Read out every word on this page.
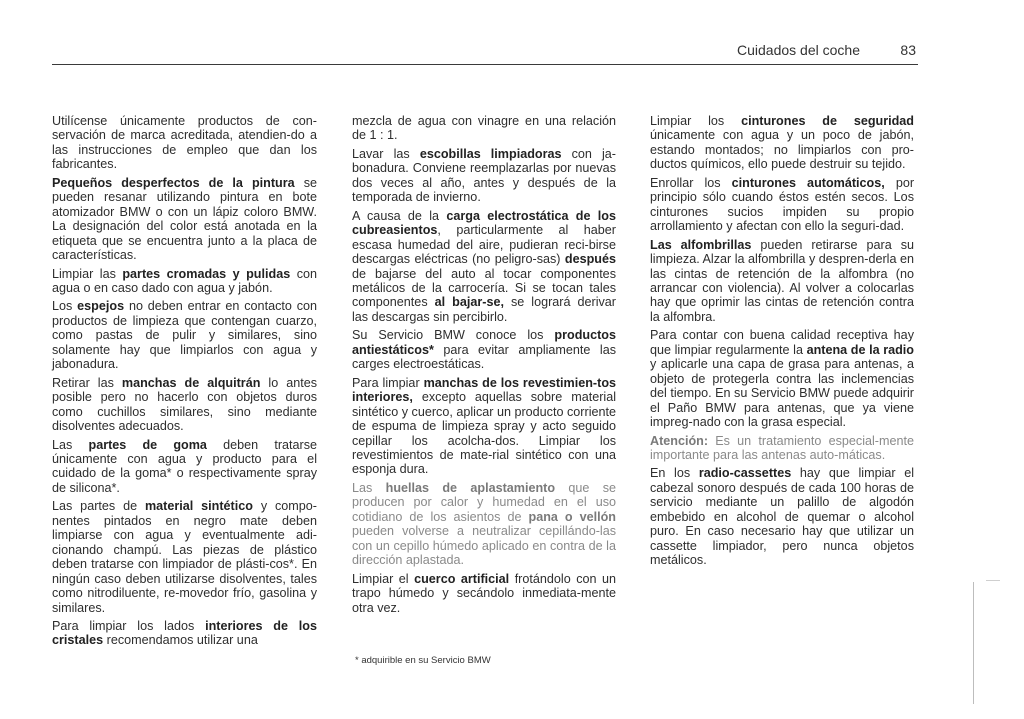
Cuidados del coche	83

Utilícense únicamente productos de con-servación de marca acreditada, atendien-do a las instrucciones de empleo que dan los fabricantes.

Pequeños desperfectos de la pintura se pueden resanar utilizando pintura en bote atomizador BMW o con un lápiz coloro BMW. La designación del color está anotada en la etiqueta que se encuentra junto a la placa de características.

Limpiar las partes cromadas y pulidas con agua o en caso dado con agua y jabón.

Los espejos no deben entrar en contacto con productos de limpieza que contengan cuarzo, como pastas de pulir y similares, sino solamente hay que limpiarlos con agua y jabonadura.

Retirar las manchas de alquitrán lo antes posible pero no hacerlo con objetos duros como cuchillos similares, sino mediante disolventes adecuados.

Las partes de goma deben tratarse únicamente con agua y producto para el cuidado de la goma* o respectivamente spray de silicona*.

Las partes de material sintético y compo-nentes pintados en negro mate deben limpiarse con agua y eventualmente adi-cionando champú. Las piezas de plástico deben tratarse con limpiador de plásti-cos*. En ningún caso deben utilizarse disolventes, tales como nitrodiluente, re-movedor frío, gasolina y similares.

Para limpiar los lados interiores de los cristales recomendamos utilizar una

mezcla de agua con vinagre en una relación de 1 : 1.

Lavar las escobillas limpiadoras con ja-bonadura. Conviene reemplazarlas por nuevas dos veces al año, antes y después de la temporada de invierno.

A causa de la carga electrostática de los cubreasientos, particularmente al haber escasa humedad del aire, pudieran reci-birse descargas eléctricas (no peligro-sas) después de bajarse del auto al tocar componentes metálicos de la carrocería. Si se tocan tales componentes al bajar-se, se logrará derivar las descargas sin percibirlo.

Su Servicio BMW conoce los productos antiestáticos* para evitar ampliamente las carges electroestáticas.

Para limpiar manchas de los revestimien-tos interiores, excepto aquellas sobre material sintético y cuerco, aplicar un producto corriente de espuma de limpieza spray y acto seguido cepillar los acolcha-dos. Limpiar los revestimientos de mate-rial sintético con una esponja dura.

Las huellas de aplastamiento que se producen por calor y humedad en el uso cotidiano de los asientos de pana o vellón pueden volverse a neutralizar cepillándo-las con un cepillo húmedo aplicado en contra de la dirección aplastada.

Limpiar el cuerco artificial frotándolo con un trapo húmedo y secándolo inmediata-mente otra vez.

Limpiar los cinturones de seguridad únicamente con agua y un poco de jabón, estando montados; no limpiarlos con pro-ductos químicos, ello puede destruir su tejido.

Enrollar los cinturones automáticos, por principio sólo cuando éstos estén secos. Los cinturones sucios impiden su propio arrollamiento y afectan con ello la seguri-dad.

Las alfombrillas pueden retirarse para su limpieza. Alzar la alfombrilla y despren-derla en las cintas de retención de la alfombra (no arrancar con violencia). Al volver a colocarlas hay que oprimir las cintas de retención contra la alfombra.

Para contar con buena calidad receptiva hay que limpiar regularmente la antena de la radio y aplicarle una capa de grasa para antenas, a objeto de protegerla contra las inclemencias del tiempo. En su Servicio BMW puede adquirir el Paño BMW para antenas, que ya viene impreg-nado con la grasa especial.

Atención: Es un tratamiento especial-mente importante para las antenas auto-máticas.

En los radio-cassettes hay que limpiar el cabezal sonoro después de cada 100 horas de servicio mediante un palillo de algodón embebido en alcohol de quemar o alcohol puro. En caso necesario hay que utilizar un cassette limpiador, pero nunca objetos metálicos.

* adquirible en su Servicio BMW
